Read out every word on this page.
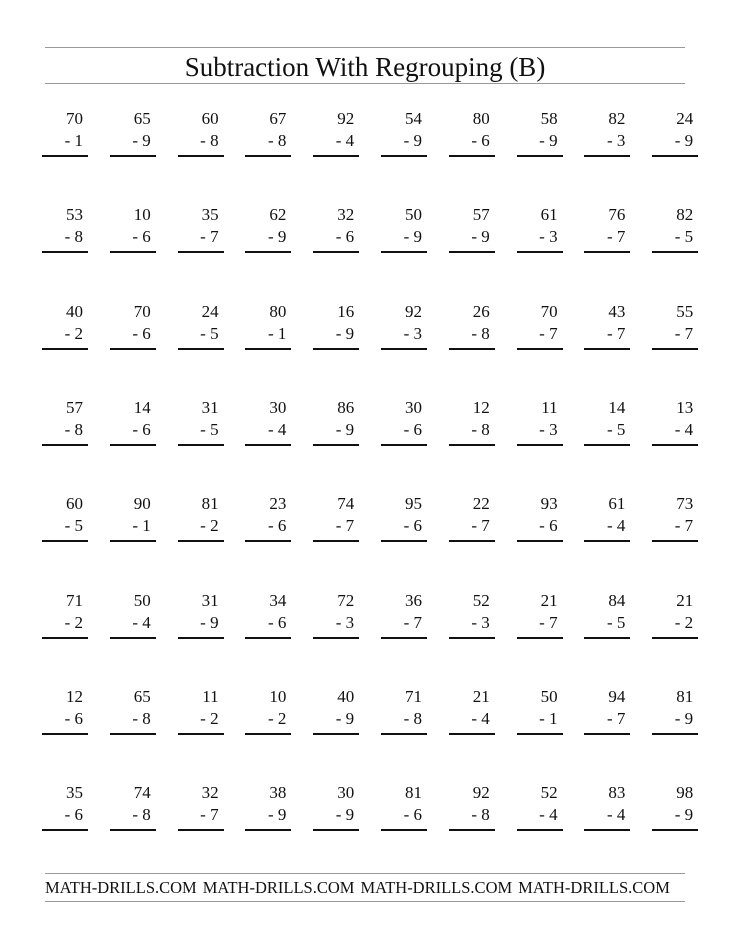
Subtraction With Regrouping (B)
70
- 1
65
- 9
60
- 8
67
- 8
92
- 4
54
- 9
80
- 6
58
- 9
82
- 3
24
- 9
53
- 8
10
- 6
35
- 7
62
- 9
32
- 6
50
- 9
57
- 9
61
- 3
76
- 7
82
- 5
40
- 2
70
- 6
24
- 5
80
- 1
16
- 9
92
- 3
26
- 8
70
- 7
43
- 7
55
- 7
57
- 8
14
- 6
31
- 5
30
- 4
86
- 9
30
- 6
12
- 8
11
- 3
14
- 5
13
- 4
60
- 5
90
- 1
81
- 2
23
- 6
74
- 7
95
- 6
22
- 7
93
- 6
61
- 4
73
- 7
71
- 2
50
- 4
31
- 9
34
- 6
72
- 3
36
- 7
52
- 3
21
- 7
84
- 5
21
- 2
12
- 6
65
- 8
11
- 2
10
- 2
40
- 9
71
- 8
21
- 4
50
- 1
94
- 7
81
- 9
35
- 6
74
- 8
32
- 7
38
- 9
30
- 9
81
- 6
92
- 8
52
- 4
83
- 4
98
- 9
MATH-DRILLS.COM MATH-DRILLS.COM MATH-DRILLS.COM MATH-DRILLS.COM
